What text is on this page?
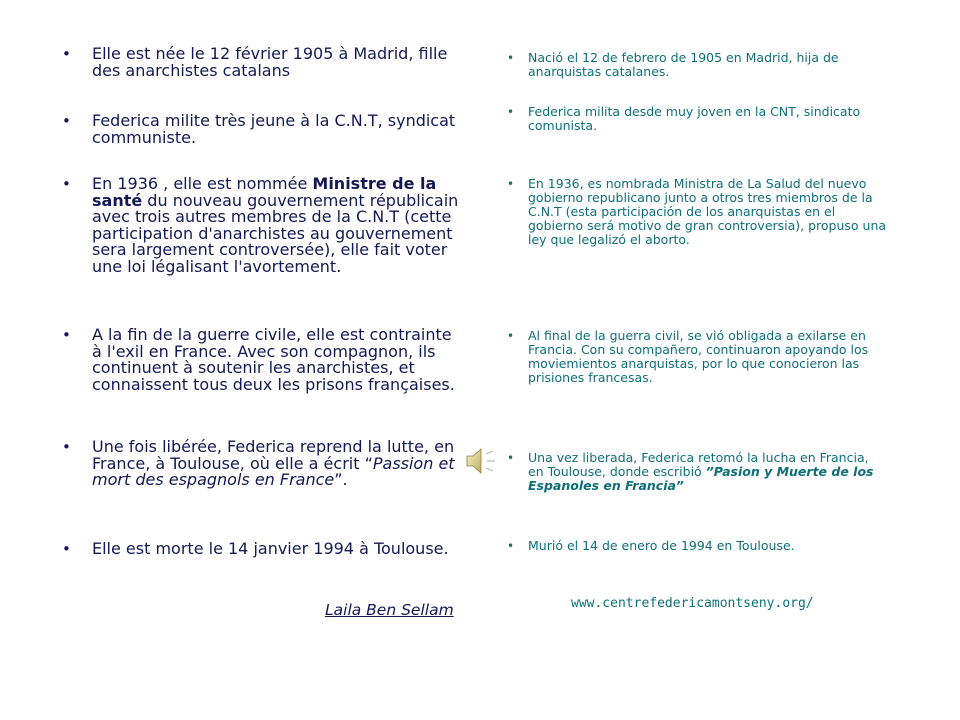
• Elle est née le 12 février 1905 à Madrid, fille des anarchistes catalans
• Federica milite très jeune à la C.N.T, syndicat communiste.
• En 1936 , elle est nommée Ministre de la santé du nouveau gouvernement républicain avec trois autres membres de la C.N.T (cette participation d'anarchistes au gouvernement sera largement controversée), elle fait voter une loi légalisant l'avortement.
• A la fin de la guerre civile, elle est contrainte à l'exil en France. Avec son compagnon, ils continuent à soutenir les anarchistes, et connaissent tous deux les prisons françaises.
• Une fois libérée, Federica reprend la lutte, en France, à Toulouse, où elle a écrit “Passion et mort des espagnols en France”.
• Elle est morte le 14 janvier 1994 à Toulouse.
Laila Ben Sellam
• Nació el 12 de febrero de 1905 en Madrid, hija de anarquistas catalanes.
• Federica milita desde muy joven en la CNT, sindicato comunista.
• En 1936, es nombrada Ministra de La Salud del nuevo gobierno republicano junto a otros tres miembros de la C.N.T (esta participación de los anarquistas en el gobierno será motivo de gran controversia), propuso una ley que legalizó el aborto.
• Al final de la guerra civil, se vió obligada a exilarse en Francia. Con su compañero, continuaron apoyando los moviemientos anarquistas, por lo que conocieron las prisiones francesas.
• Una vez liberada, Federica retomó la lucha en Francia, en Toulouse, donde escribió ”Pasion y Muerte de los Espanoles en Francia”
• Murió el 14 de enero de 1994 en Toulouse.
www.centrefedericamontseny.org/
